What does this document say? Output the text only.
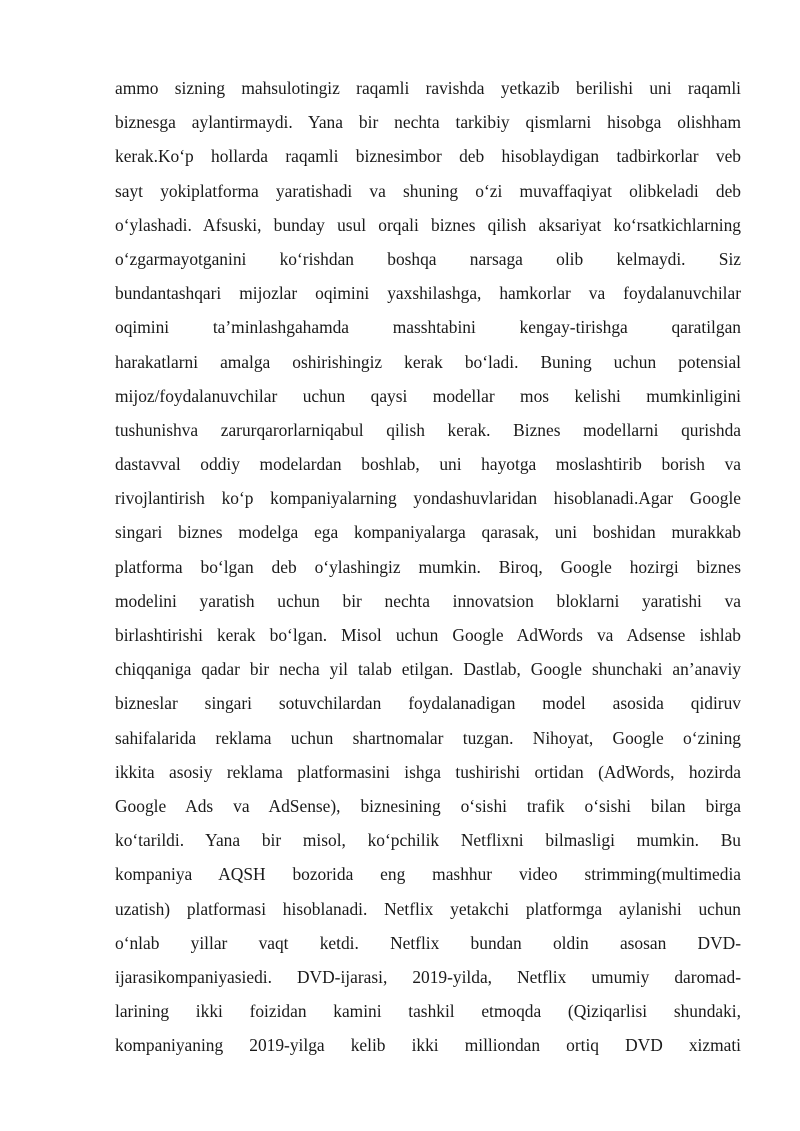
ammo sizning mahsulotingiz raqamli ravishda yetkazib berilishi uni raqamli
biznesga aylantirmaydi. Yana bir nechta tarkibiy qismlarni hisobga olishham
kerak.Ko‘p hollarda raqamli biznesimbor deb hisoblaydigan tadbirkorlar veb
sayt yokiplatforma yaratishadi va shuning o‘zi muvaffaqiyat olibkeladi deb
o‘ylashadi. Afsuski, bunday usul orqali biznes qilish aksariyat ko‘rsatkichlarning
o‘zgarmayotganini ko‘rishdan boshqa narsaga olib kelmaydi. Siz
bundantashqari mijozlar oqimini yaxshilashga, hamkorlar va foydalanuvchilar
oqimini ta’minlashgahamda masshtabini kengay-tirishga qaratilgan
harakatlarni amalga oshirishingiz kerak bo‘ladi. Buning uchun potensial
mijoz/foydalanuvchilar uchun qaysi modellar mos kelishi mumkinligini
tushunishva zarurqarorlarniqabul qilish kerak. Biznes modellarni qurishda
dastavval oddiy modelardan boshlab, uni hayotga moslashtirib borish va
rivojlantirish ko‘p kompaniyalarning yondashuvlaridan hisoblanadi.Agar Google
singari biznes modelga ega kompaniyalarga qarasak, uni boshidan murakkab
platforma bo‘lgan deb o‘ylashingiz mumkin. Biroq, Google hozirgi biznes
modelini yaratish uchun bir nechta innovatsion bloklarni yaratishi va
birlashtirishi kerak bo‘lgan. Misol uchun Google AdWords va Adsense ishlab
chiqqaniga qadar bir necha yil talab etilgan. Dastlab, Google shunchaki an’anaviy
bizneslar singari sotuvchilardan foydalanadigan model asosida qidiruv
sahifalarida reklama uchun shartnomalar tuzgan. Nihoyat, Google o‘zining
ikkita asosiy reklama platformasini ishga tushirishi ortidan (AdWords, hozirda
Google Ads va AdSense), biznesining o‘sishi trafik o‘sishi bilan birga
ko‘tarildi. Yana bir misol, ko‘pchilik Netflixni bilmasligi mumkin. Bu
kompaniya AQSH bozorida eng mashhur video strimming(multimedia
uzatish) platformasi hisoblanadi. Netflix yetakchi platformga aylanishi uchun
o‘nlab yillar vaqt ketdi. Netflix bundan oldin asosan DVD-
ijarasikompaniyasiedi. DVD-ijarasi, 2019-yilda, Netflix umumiy daromad-
larining ikki foizidan kamini tashkil etmoqda (Qiziqarlisi shundaki,
kompaniyaning 2019-yilga kelib ikki milliondan ortiq DVD xizmati
